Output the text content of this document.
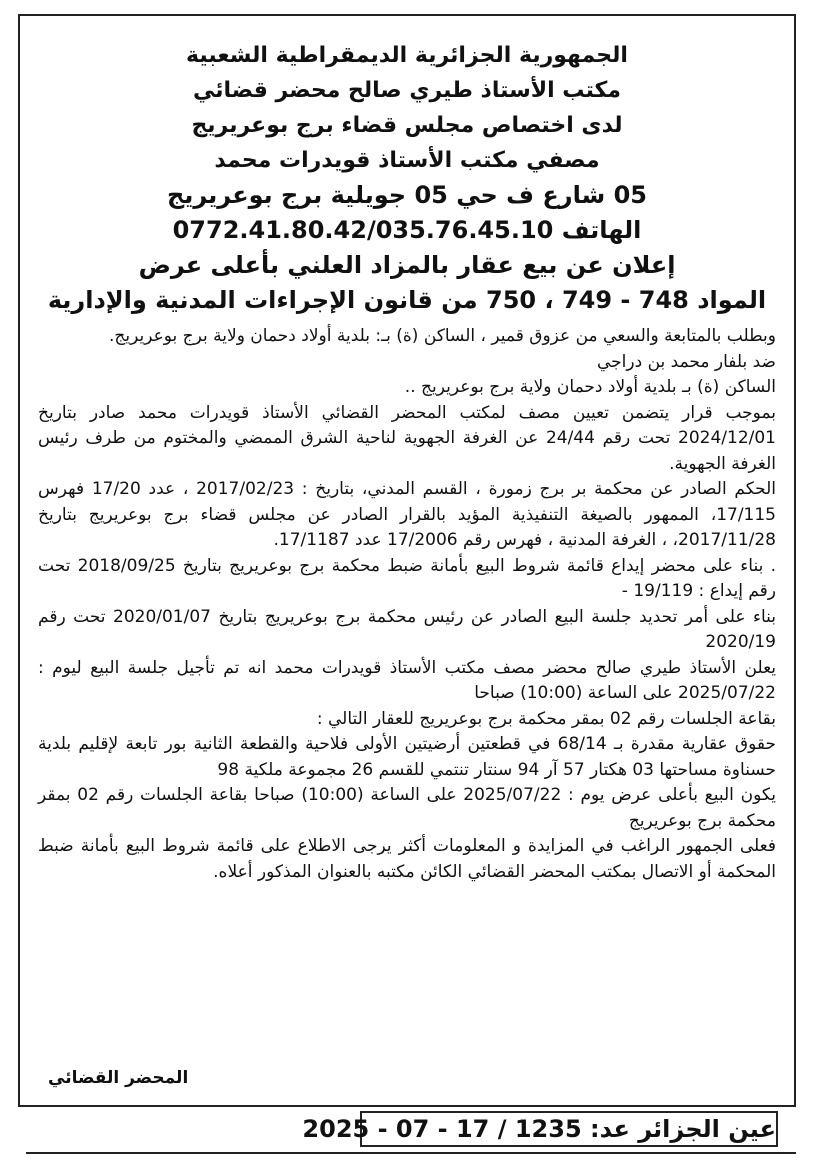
الجمهورية الجزائرية الديمقراطية الشعبية
مكتب الأستاذ طيري صالح محضر قضائي
لدى اختصاص مجلس قضاء برج بوعريريج
مصفي مكتب الأستاذ قويدرات محمد
05 شارع ف حي 05 جويلية برج بوعريريج
الهاتف 0772.41.80.42/035.76.45.10
إعلان عن بيع عقار بالمزاد العلني بأعلى عرض
المواد 748 - 749 ، 750 من قانون الإجراءات المدنية والإدارية

وبطلب بالمتابعة والسعي من عزوق قمير ، الساكن (ة) بـ: بلدية أولاد دحمان ولاية برج بوعريريج.

ضد بلفار محمد بن دراجي

الساكن (ة) بـ بلدية أولاد دحمان ولاية برج بوعريريج ..

بموجب قرار يتضمن تعيين مصف لمكتب المحضر القضائي الأستاذ قويدرات محمد صادر بتاريخ 2024/12/01 تحت رقم 24/44 عن الغرفة الجهوية لناحية الشرق الممضي والمختوم من طرف رئيس الغرفة الجهوية.

الحكم الصادر عن محكمة بر برج زمورة ، القسم المدني، بتاريخ : 2017/02/23 ، عدد 17/20 فهرس 17/115، الممهور بالصيغة التنفيذية المؤيد بالقرار الصادر عن مجلس قضاء برج بوعريريج بتاريخ 2017/11/28، ، الغرفة المدنية ، فهرس رقم 17/2006 عدد 17/1187.

. بناء على محضر إيداع قائمة شروط البيع بأمانة ضبط محكمة برج بوعريريج بتاريخ 2018/09/25 تحت رقم إيداع : 19/119 -

بناء على أمر تحديد جلسة البيع الصادر عن رئيس محكمة برج بوعريريج بتاريخ 2020/01/07 تحت رقم 2020/19

يعلن الأستاذ طيري صالح محضر مصف مكتب الأستاذ قويدرات محمد انه تم تأجيل جلسة البيع ليوم : 2025/07/22 على الساعة (10:00) صباحا

بقاعة الجلسات رقم 02 بمقر محكمة برج بوعريريج للعقار التالي :

حقوق عقارية مقدرة بـ 68/14 في قطعتين أرضيتين الأولى فلاحية والقطعة الثانية بور تابعة لإقليم بلدية حسناوة مساحتها 03 هكتار 57 آر 94 سنتار تنتمي للقسم 26 مجموعة ملكية 98

يكون البيع بأعلى عرض يوم : 2025/07/22 على الساعة (10:00) صباحا بقاعة الجلسات رقم 02 بمقر محكمة برج بوعريريج

فعلى الجمهور الراغب في المزايدة و المعلومات أكثر يرجى الاطلاع على قائمة شروط البيع بأمانة ضبط المحكمة أو الاتصال بمكتب المحضر القضائي الكائن مكتبه بالعنوان المذكور أعلاه.

المحضر القضائي
عين الجزائر عد: 1235 / 17 - 07 - 2025
